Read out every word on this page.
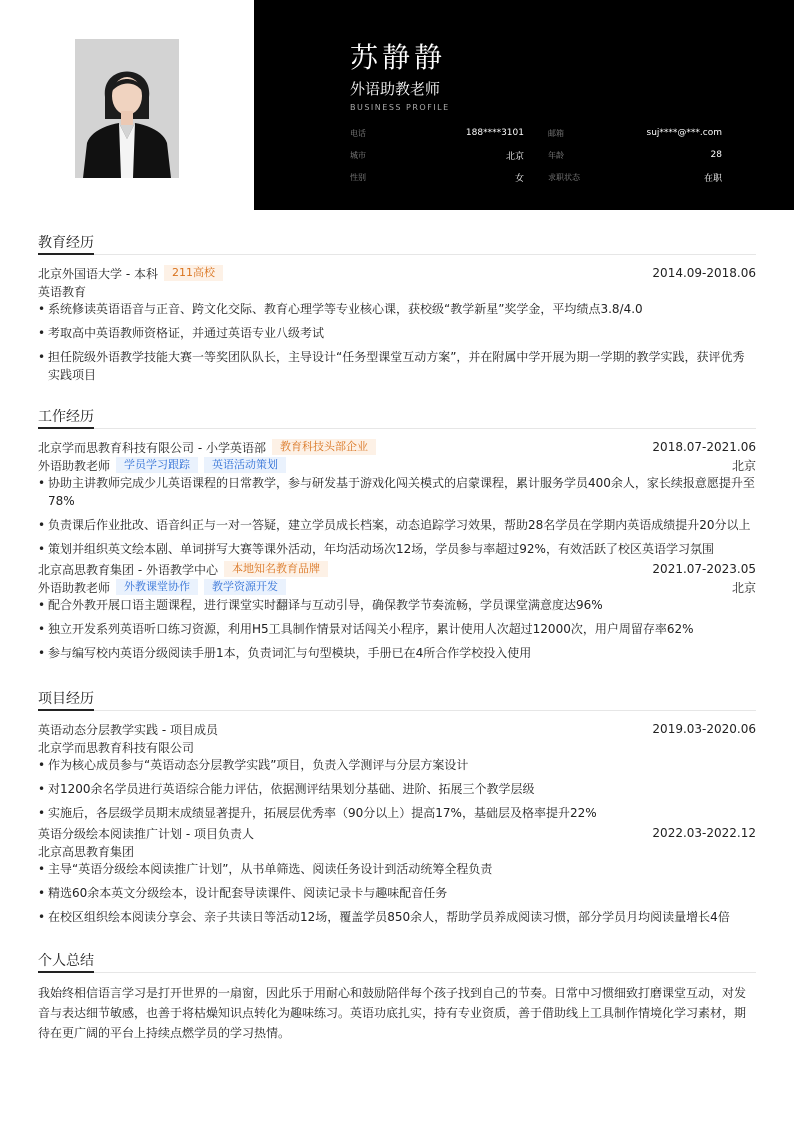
苏静静
外语助教老师
BUSINESS PROFILE
电话	188****3101	邮箱	suj****@***.com
城市	北京	年龄	28
性别	女	求职状态	在职
教育经历
北京外国语大学 - 本科	211高校	2014.09-2018.06
英语教育
• 系统修读英语语音与正音、跨文化交际、教育心理学等专业核心课，获校级“教学新星”奖学金，平均绩点3.8/4.0
• 考取高中英语教师资格证，并通过英语专业八级考试
• 担任院级外语教学技能大赛一等奖团队队长，主导设计“任务型课堂互动方案”，并在附属中学开展为期一学期的教学实践，获评优秀实践项目
工作经历
北京学而思教育科技有限公司 - 小学英语部	教育科技头部企业	2018.07-2021.06
外语助教老师	学员学习跟踪	英语活动策划	北京
• 协助主讲教师完成少儿英语课程的日常教学，参与研发基于游戏化闯关模式的启蒙课程，累计服务学员400余人，家长续报意愿提升至78%
• 负责课后作业批改、语音纠正与一对一答疑，建立学员成长档案，动态追踪学习效果，帮助28名学员在学期内英语成绩提升20分以上
• 策划并组织英文绘本剧、单词拼写大赛等课外活动，年均活动场次12场，学员参与率超过92%，有效活跃了校区英语学习氛围
北京高思教育集团 - 外语教学中心	本地知名教育品牌	2021.07-2023.05
外语助教老师	外教课堂协作	教学资源开发	北京
• 配合外教开展口语主题课程，进行课堂实时翻译与互动引导，确保教学节奏流畅，学员课堂满意度达96%
• 独立开发系列英语听口练习资源，利用H5工具制作情景对话闯关小程序，累计使用人次超过12000次，用户周留存率62%
• 参与编写校内英语分级阅读手册1本，负责词汇与句型模块，手册已在4所合作学校投入使用
项目经历
英语动态分层教学实践 - 项目成员	2019.03-2020.06
北京学而思教育科技有限公司
• 作为核心成员参与“英语动态分层教学实践”项目，负责入学测评与分层方案设计
• 对1200余名学员进行英语综合能力评估，依据测评结果划分基础、进阶、拓展三个教学层级
• 实施后，各层级学员期末成绩显著提升，拓展层优秀率（90分以上）提高17%，基础层及格率提升22%
英语分级绘本阅读推广计划 - 项目负责人	2022.03-2022.12
北京高思教育集团
• 主导“英语分级绘本阅读推广计划”，从书单筛选、阅读任务设计到活动统筹全程负责
• 精选60余本英文分级绘本，设计配套导读课件、阅读记录卡与趣味配音任务
• 在校区组织绘本阅读分享会、亲子共读日等活动12场，覆盖学员850余人，帮助学员养成阅读习惯，部分学员月均阅读量增长4倍
个人总结
我始终相信语言学习是打开世界的一扇窗，因此乐于用耐心和鼓励陪伴每个孩子找到自己的节奏。日常中习惯细致打磨课堂互动，对发音与表达细节敏感，也善于将枯燥知识点转化为趣味练习。英语功底扎实，持有专业资质，善于借助线上工具制作情境化学习素材，期待在更广阔的平台上持续点燃学员的学习热情。
